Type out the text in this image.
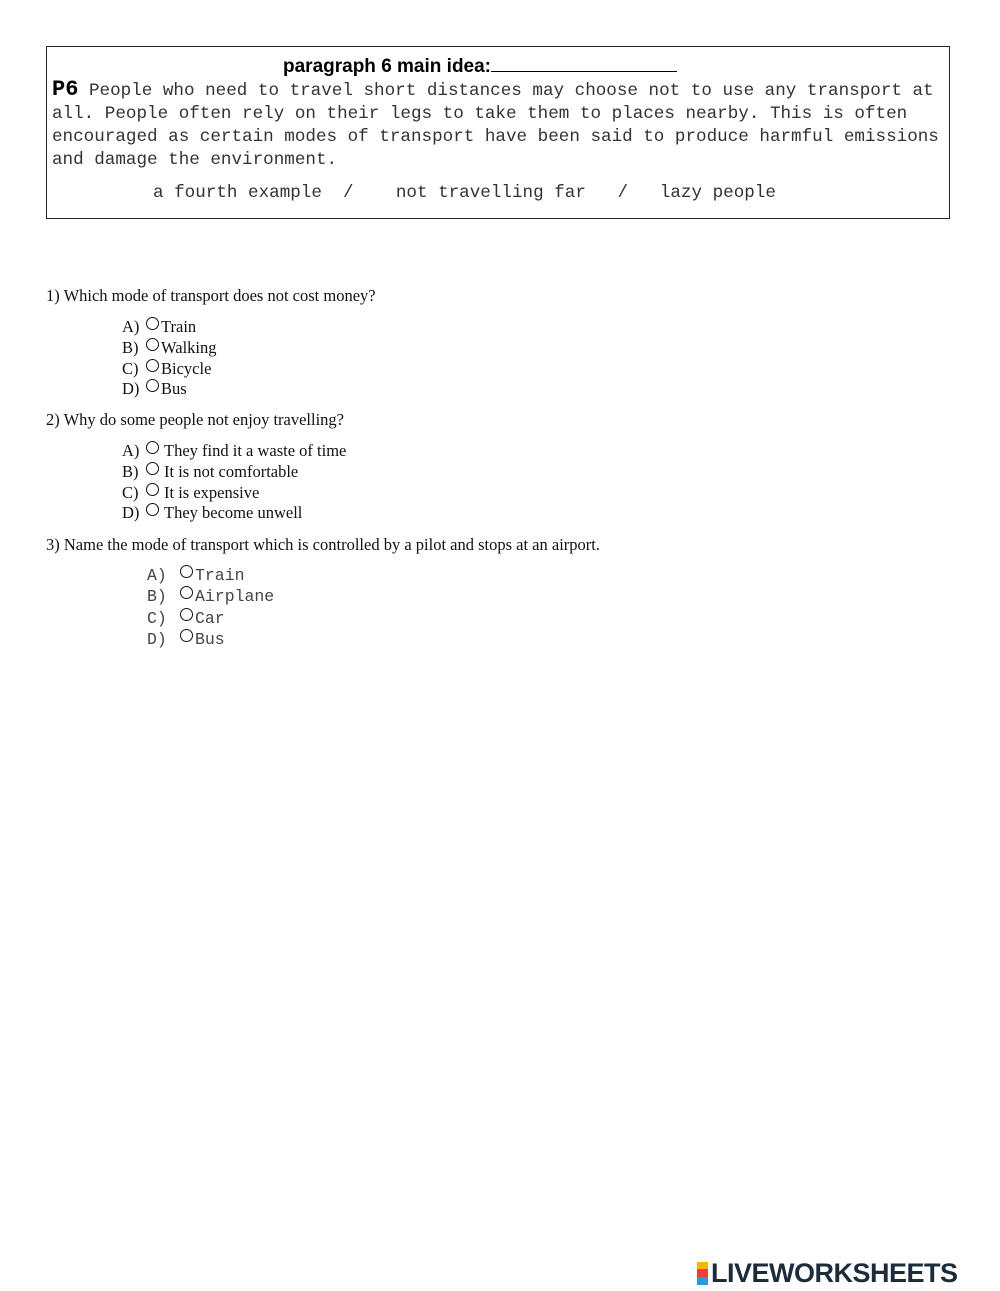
paragraph 6 main idea:

P6 People who need to travel short distances may choose not to use any transport at all. People often rely on their legs to take them to places nearby. This is often encouraged as certain modes of transport have been said to produce harmful emissions and damage the environment.

a fourth example  /    not travelling far   /   lazy people
1) Which mode of transport does not cost money?
A)	Train
B)	Walking
C)	Bicycle
D)	Bus
2) Why do some people not enjoy travelling?
A)	They find it a waste of time
B)	It is not comfortable
C)	It is expensive
D)	They become unwell
3) Name the mode of transport which is controlled by a pilot and stops at an airport.
A)	Train
B)	Airplane
C)	Car
D)	Bus
LIVEWORKSHEETS
